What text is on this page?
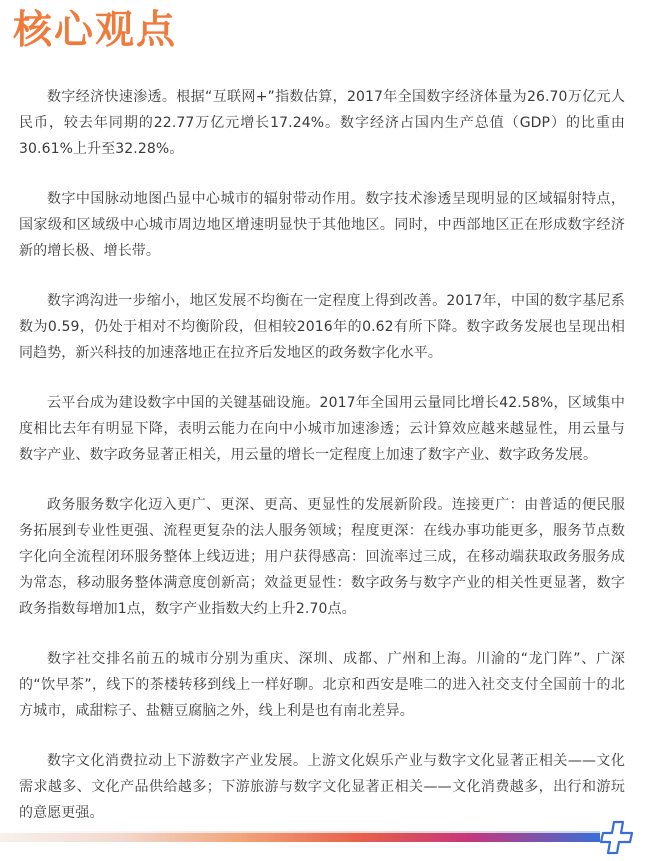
核心观点

数字经济快速渗透。根据“互联网+”指数估算，2017年全国数字经济体量为26.70万亿元人民币，较去年同期的22.77万亿元增长17.24%。数字经济占国内生产总值（GDP）的比重由30.61%上升至32.28%。

数字中国脉动地图凸显中心城市的辐射带动作用。数字技术渗透呈现明显的区域辐射特点，国家级和区域级中心城市周边地区增速明显快于其他地区。同时，中西部地区正在形成数字经济新的增长极、增长带。

数字鸿沟进一步缩小，地区发展不均衡在一定程度上得到改善。2017年，中国的数字基尼系数为0.59，仍处于相对不均衡阶段，但相较2016年的0.62有所下降。数字政务发展也呈现出相同趋势，新兴科技的加速落地正在拉齐后发地区的政务数字化水平。

云平台成为建设数字中国的关键基础设施。2017年全国用云量同比增长42.58%，区域集中度相比去年有明显下降，表明云能力在向中小城市加速渗透；云计算效应越来越显性，用云量与数字产业、数字政务显著正相关，用云量的增长一定程度上加速了数字产业、数字政务发展。

政务服务数字化迈入更广、更深、更高、更显性的发展新阶段。连接更广：由普适的便民服务拓展到专业性更强、流程更复杂的法人服务领域；程度更深：在线办事功能更多，服务节点数字化向全流程闭环服务整体上线迈进；用户获得感高：回流率过三成，在移动端获取政务服务成为常态，移动服务整体满意度创新高；效益更显性：数字政务与数字产业的相关性更显著，数字政务指数每增加1点，数字产业指数大约上升2.70点。

数字社交排名前五的城市分别为重庆、深圳、成都、广州和上海。川渝的“龙门阵”、广深的“饮早茶”，线下的茶楼转移到线上一样好聊。北京和西安是唯二的进入社交支付全国前十的北方城市，咸甜粽子、盐糖豆腐脑之外，线上利是也有南北差异。

数字文化消费拉动上下游数字产业发展。上游文化娱乐产业与数字文化显著正相关——文化需求越多、文化产品供给越多；下游旅游与数字文化显著正相关——文化消费越多，出行和游玩的意愿更强。
